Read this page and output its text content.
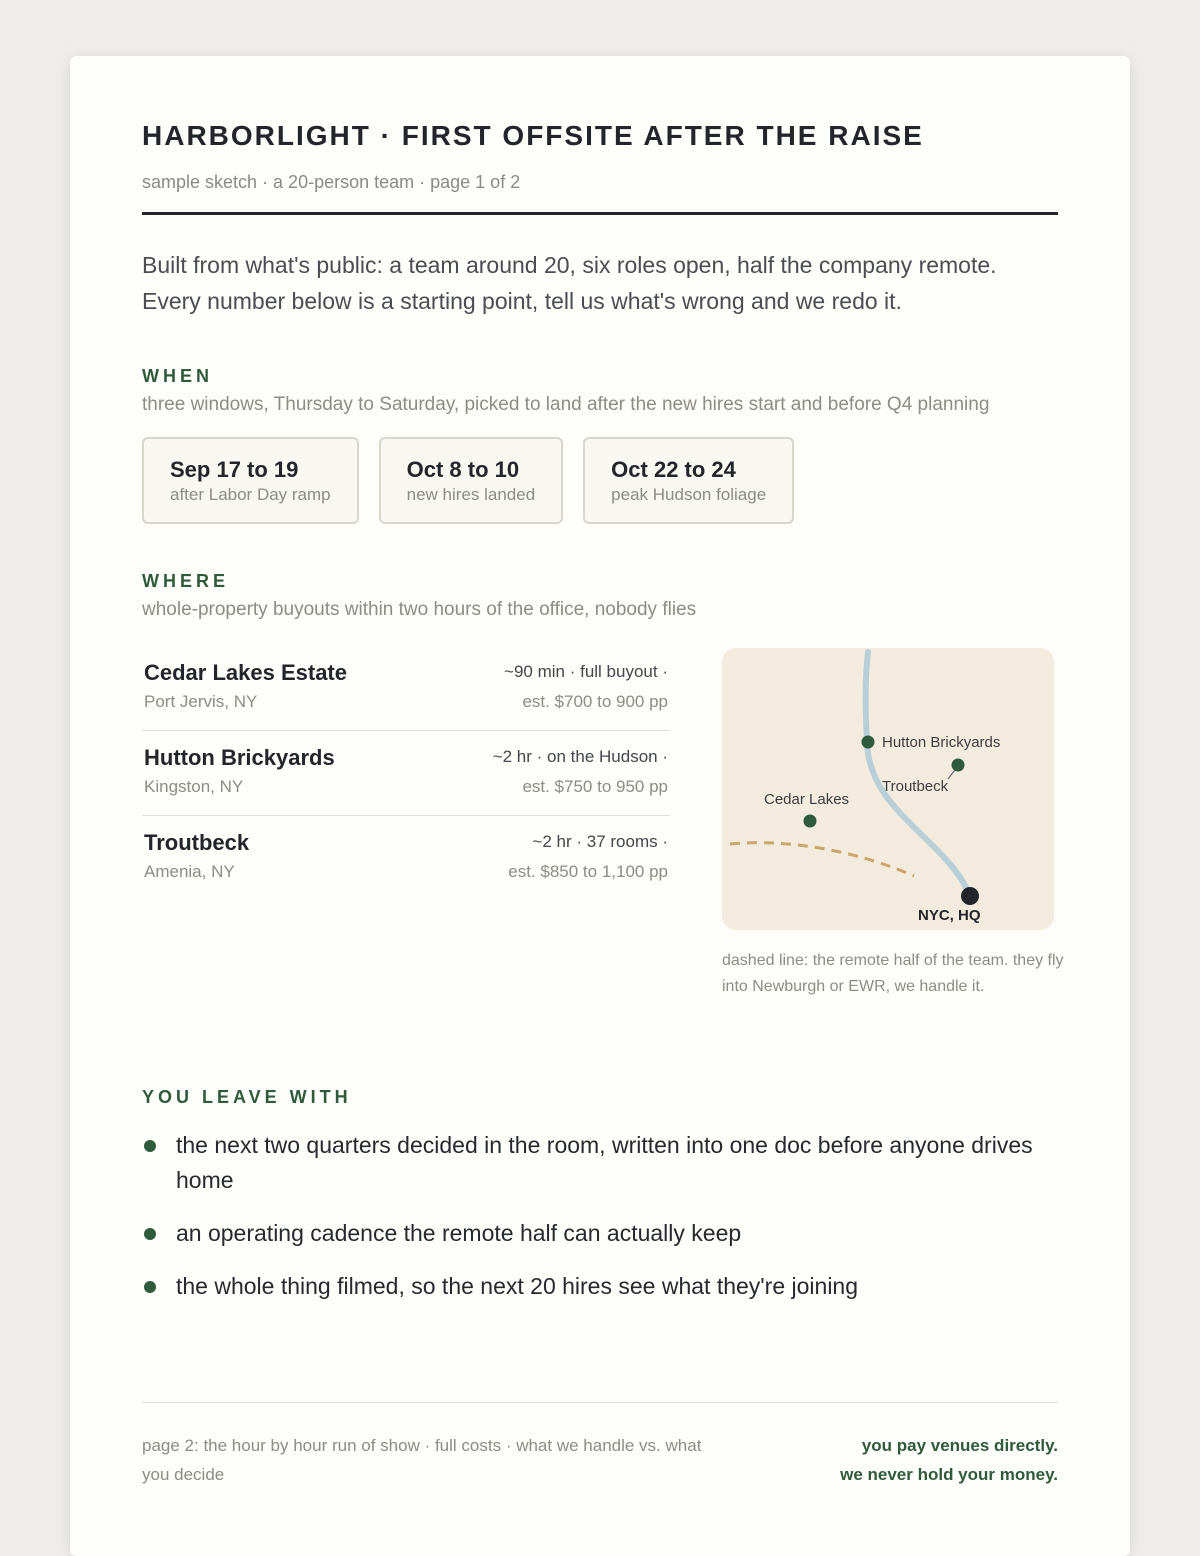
HARBORLIGHT · FIRST OFFSITE AFTER THE RAISE
sample sketch · a 20-person team · page 1 of 2

Built from what's public: a team around 20, six roles open, half the company remote. Every number below is a starting point, tell us what's wrong and we redo it.

WHEN
three windows, Thursday to Saturday, picked to land after the new hires start and before Q4 planning
Sep 17 to 19
after Labor Day ramp
Oct 8 to 10
new hires landed
Oct 22 to 24
peak Hudson foliage
WHERE
whole-property buyouts within two hours of the office, nobody flies
Cedar Lakes Estate
Port Jervis, NY
~90 min · full buyout ·
est. $700 to 900 pp
Hutton Brickyards
Kingston, NY
~2 hr · on the Hudson ·
est. $750 to 950 pp
Troutbeck
Amenia, NY
~2 hr · 37 rooms ·
est. $850 to 1,100 pp
Hutton Brickyards
Troutbeck
Cedar Lakes
NYC, HQ
dashed line: the remote half of the team. they fly into Newburgh or EWR, we handle it.
YOU LEAVE WITH
the next two quarters decided in the room, written into one doc before anyone drives home
an operating cadence the remote half can actually keep
the whole thing filmed, so the next 20 hires see what they're joining
page 2: the hour by hour run of show · full costs · what we handle vs. what you decide
you pay venues directly.
we never hold your money.
